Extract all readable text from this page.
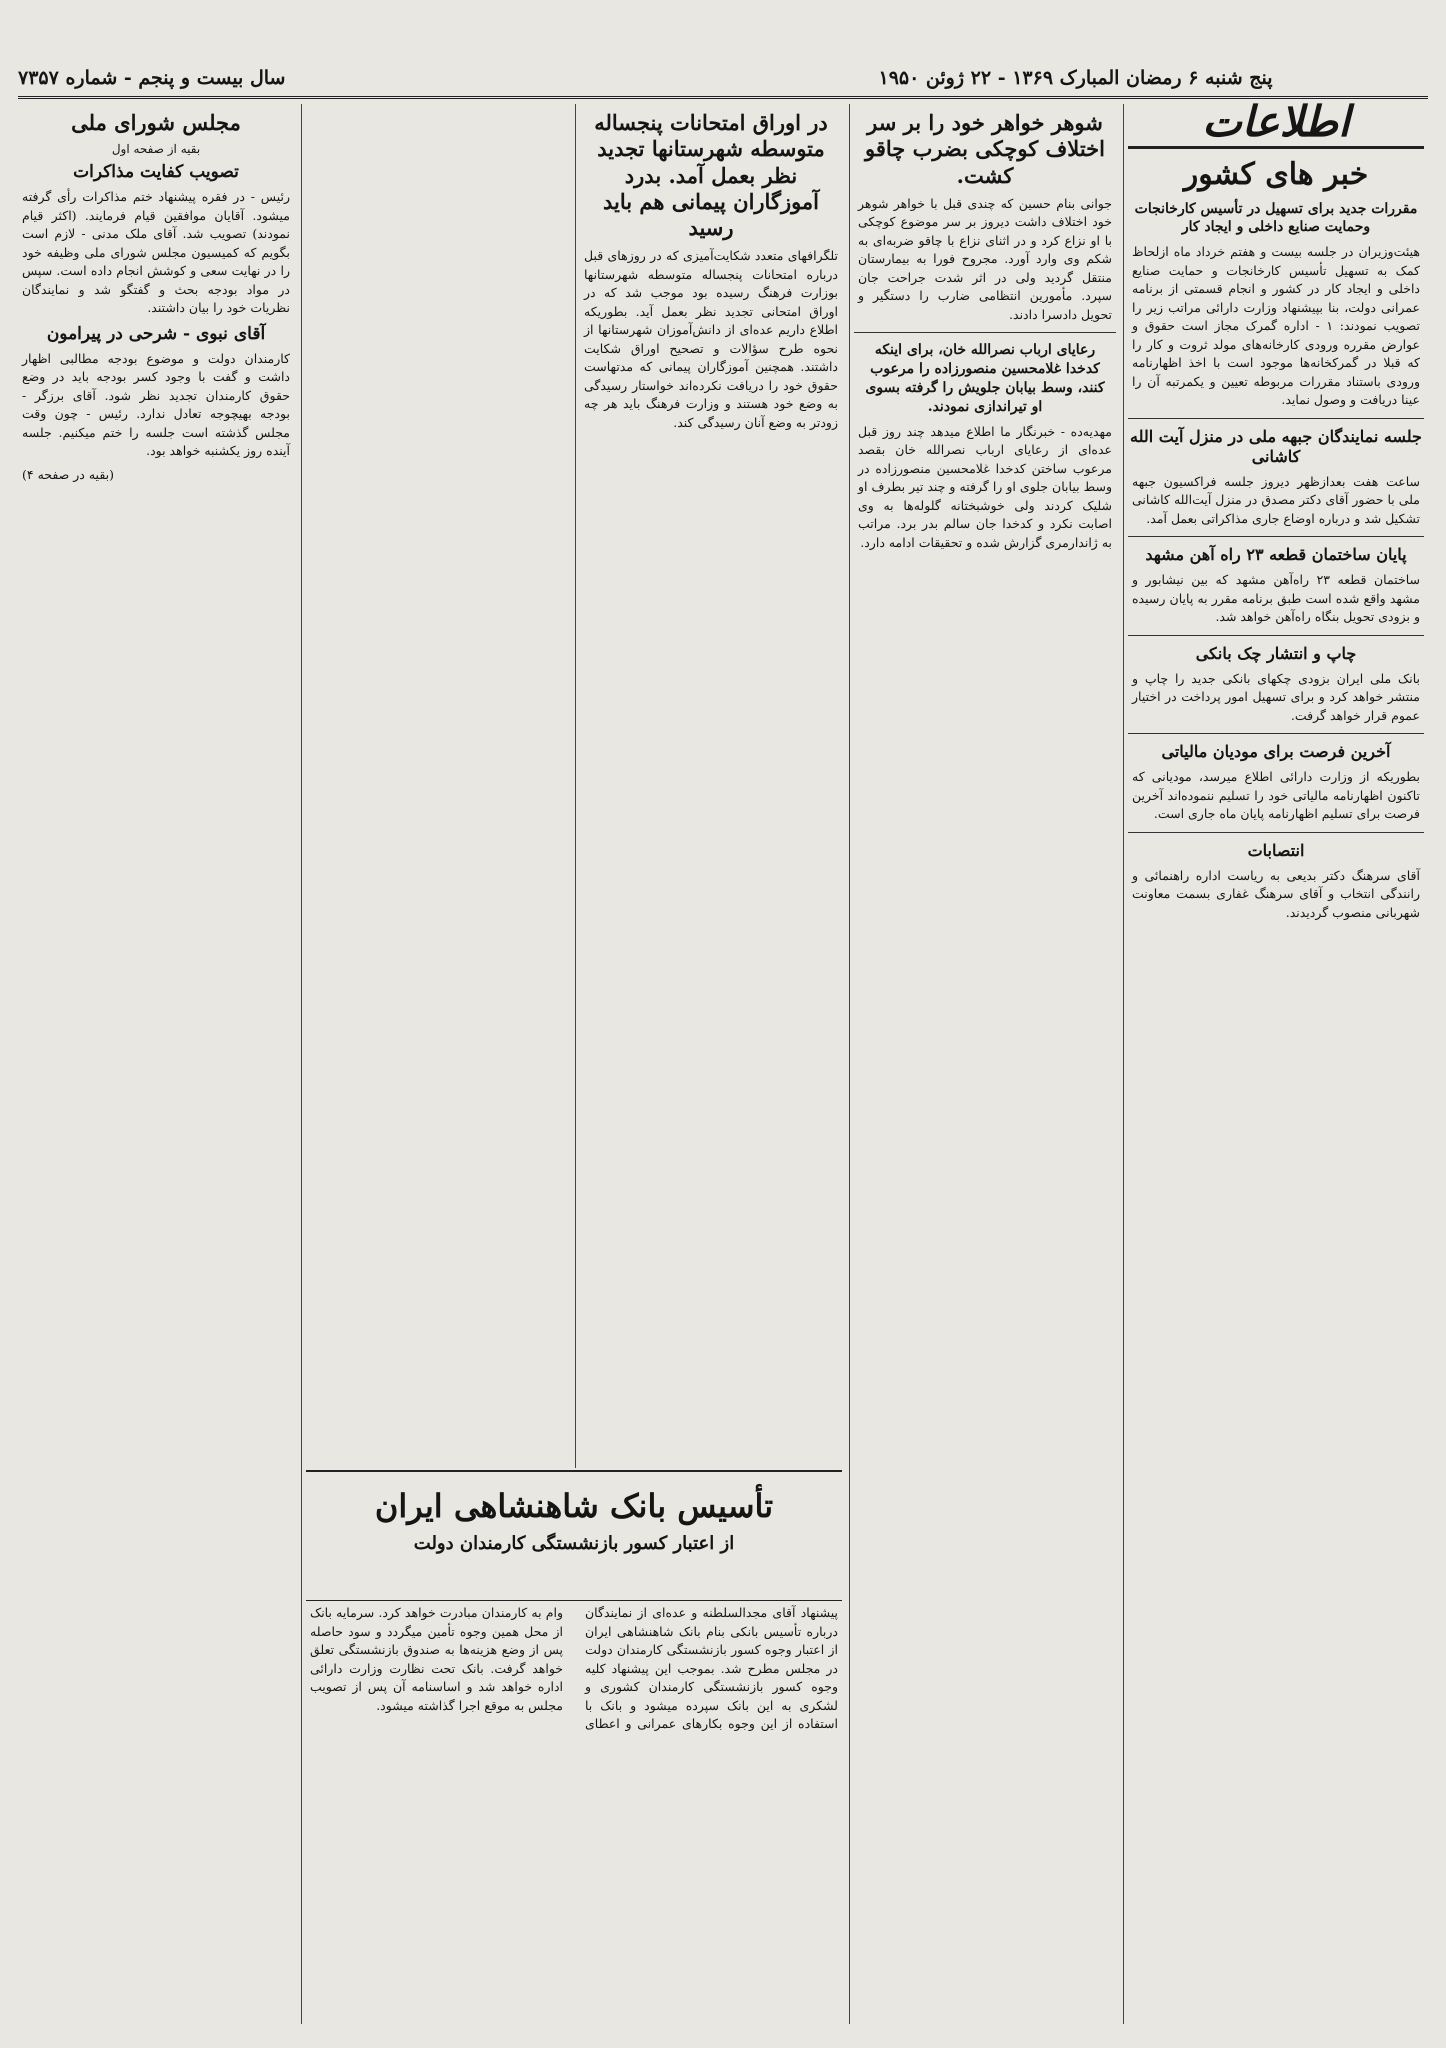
پنج شنبه ۶ رمضان المبارک ۱۳۶۹ - ۲۲ ژوئن ۱۹۵۰
سال بیست و پنجم - شماره ۷۳۵۷
اطلاعات
خبر های کشور
مقررات جدید برای تسهیل در تأسیس کارخانجات وحمایت صنایع داخلی و ایجاد کار
هیئت‌وزیران در جلسه بیست و هفتم خرداد ماه ازلحاظ کمک به تسهیل تأسیس کارخانجات و حمایت صنایع داخلی و ایجاد کار در کشور و انجام قسمتی از برنامه عمرانی دولت، بنا بپیشنهاد وزارت دارائی مراتب زیر را تصویب نمودند: ۱ - اداره گمرک مجاز است حقوق و عوارض مقرره ورودی کارخانه‌های مولد ثروت و کار را که قبلا در گمرکخانه‌ها موجود است با اخذ اظهارنامه ورودی باستناد مقررات مربوطه تعیین و یکمرتبه آن را عینا دریافت و وصول نماید.
جلسه نمایندگان جبهه ملی در منزل آیت الله کاشانی
ساعت هفت بعدازظهر دیروز جلسه فراکسیون جبهه ملی با حضور آقای دکتر مصدق در منزل آیت‌الله کاشانی تشکیل شد و درباره اوضاع جاری مذاکراتی بعمل آمد.
پایان ساختمان قطعه ۲۳ راه آهن مشهد
ساختمان قطعه ۲۳ راه‌آهن مشهد که بین نیشابور و مشهد واقع شده است طبق برنامه مقرر به پایان رسیده و بزودی تحویل بنگاه راه‌آهن خواهد شد.
چاپ و انتشار چک بانکی
بانک ملی ایران بزودی چکهای بانکی جدید را چاپ و منتشر خواهد کرد و برای تسهیل امور پرداخت در اختیار عموم قرار خواهد گرفت.
آخرین فرصت برای مودیان مالیاتی
بطوریکه از وزارت دارائی اطلاع میرسد، مودیانی که تاکنون اظهارنامه مالیاتی خود را تسلیم ننموده‌اند آخرین فرصت برای تسلیم اظهارنامه پایان ماه جاری است.
انتصابات
آقای سرهنگ دکتر بدیعی به ریاست اداره راهنمائی و رانندگی انتخاب و آقای سرهنگ غفاری بسمت معاونت شهربانی منصوب گردیدند.
شوهر خواهر خود را بر سر اختلاف کوچکی بضرب چاقو کشت.
جوانی بنام حسین که چندی قبل با خواهر شوهر خود اختلاف داشت دیروز بر سر موضوع کوچکی با او نزاع کرد و در اثنای نزاع با چاقو ضربه‌ای به شکم وی وارد آورد. مجروح فورا به بیمارستان منتقل گردید ولی در اثر شدت جراحت جان سپرد. مأمورین انتظامی ضارب را دستگیر و تحویل دادسرا دادند.
رعایای ارباب نصرالله خان، برای اینکه کدخدا غلامحسین منصورزاده را مرعوب کنند، وسط بیابان جلویش را گرفته بسوی او تیراندازی نمودند.
مهدیه‌ده - خبرنگار ما اطلاع میدهد چند روز قبل عده‌ای از رعایای ارباب نصرالله خان بقصد مرعوب ساختن کدخدا غلامحسین منصورزاده در وسط بیابان جلوی او را گرفته و چند تیر بطرف او شلیک کردند ولی خوشبختانه گلوله‌ها به وی اصابت نکرد و کدخدا جان سالم بدر برد. مراتب به ژاندارمری گزارش شده و تحقیقات ادامه دارد.
در اوراق امتحانات پنجساله متوسطه شهرستانها تجدید نظر بعمل آمد. بدرد آموزگاران پیمانی هم باید رسید
تلگرافهای متعدد شکایت‌آمیزی که در روزهای قبل درباره امتحانات پنجساله متوسطه شهرستانها بوزارت فرهنگ رسیده بود موجب شد که در اوراق امتحانی تجدید نظر بعمل آید. بطوریکه اطلاع داریم عده‌ای از دانش‌آموزان شهرستانها از نحوه طرح سؤالات و تصحیح اوراق شکایت داشتند. همچنین آموزگاران پیمانی که مدتهاست حقوق خود را دریافت نکرده‌اند خواستار رسیدگی به وضع خود هستند و وزارت فرهنگ باید هر چه زودتر به وضع آنان رسیدگی کند.
مجلس شورای ملی
بقیه از صفحه اول
تصویب کفایت مذاکرات
رئیس - در فقره پیشنهاد ختم مذاکرات رأی گرفته میشود. آقایان موافقین قیام فرمایند. (اکثر قیام نمودند) تصویب شد. آقای ملک مدنی - لازم است بگویم که کمیسیون مجلس شورای ملی وظیفه خود را در نهایت سعی و کوشش انجام داده است. سپس در مواد بودجه بحث و گفتگو شد و نمایندگان نظریات خود را بیان داشتند.
آقای نبوی - شرحی در پیرامون
کارمندان دولت و موضوع بودجه مطالبی اظهار داشت و گفت با وجود کسر بودجه باید در وضع حقوق کارمندان تجدید نظر شود. آقای برزگر - بودجه بهیچوجه تعادل ندارد. رئیس - چون وقت مجلس گذشته است جلسه را ختم میکنیم. جلسه آینده روز یکشنبه خواهد بود.
(بقیه در صفحه ۴)
تأسیس بانک شاهنشاهی ایران
از اعتبار کسور بازنشستگی کارمندان دولت
پیشنهاد آقای مجدالسلطنه و عده‌ای از نمایندگان درباره تأسیس بانکی بنام بانک شاهنشاهی ایران از اعتبار وجوه کسور بازنشستگی کارمندان دولت در مجلس مطرح شد. بموجب این پیشنهاد کلیه وجوه کسور بازنشستگی کارمندان کشوری و لشکری به این بانک سپرده میشود و بانک با استفاده از این وجوه بکارهای عمرانی و اعطای وام به کارمندان مبادرت خواهد کرد. سرمایه بانک از محل همین وجوه تأمین میگردد و سود حاصله پس از وضع هزینه‌ها به صندوق بازنشستگی تعلق خواهد گرفت. بانک تحت نظارت وزارت دارائی اداره خواهد شد و اساسنامه آن پس از تصویب مجلس به موقع اجرا گذاشته میشود.
